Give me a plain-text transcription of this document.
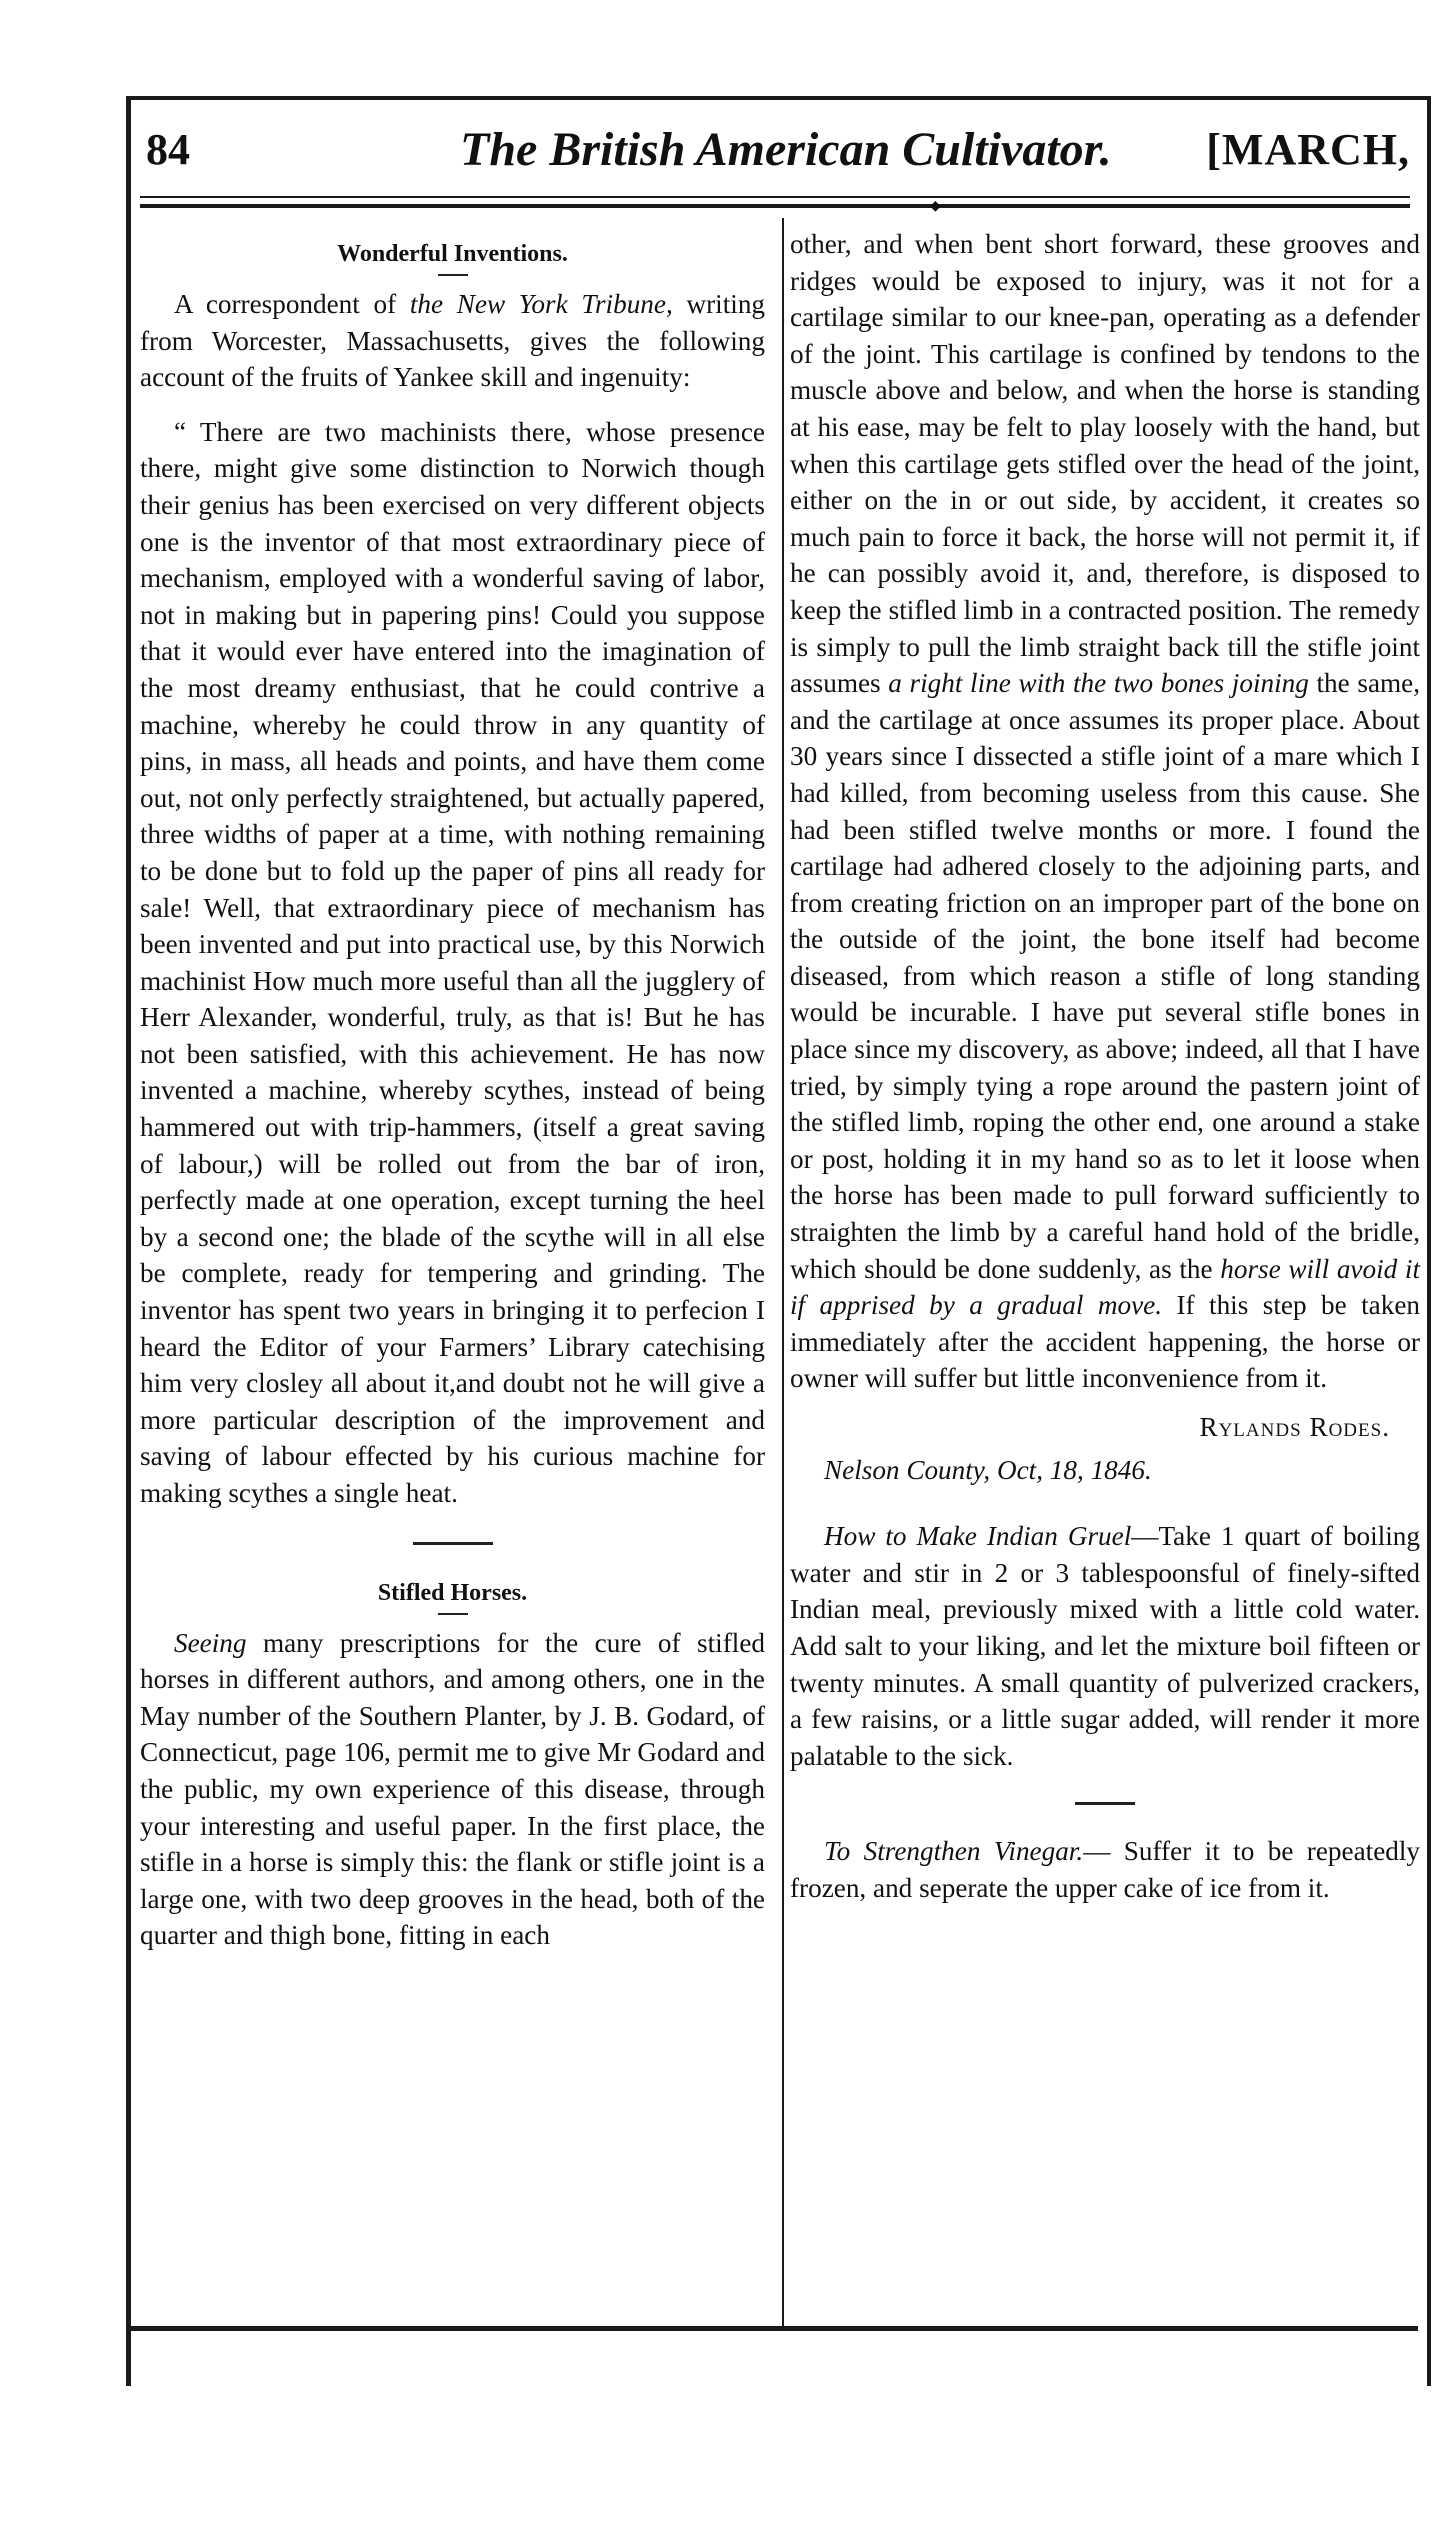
84	The British American Cultivator. [MARCH,
◆
Wonderful Inventions.

A correspondent of the New York Tribune, writing from Worcester, Massachusetts, gives the following account of the fruits of Yankee skill and ingenuity:

“ There are two machinists there, whose presence there, might give some distinction to Norwich though their genius has been exercised on very different objects one is the inventor of that most extraordinary piece of mechanism, employed with a wonderful saving of labor, not in making but in papering pins! Could you suppose that it would ever have entered into the imagination of the most dreamy enthusiast, that he could contrive a machine, whereby he could throw in any quantity of pins, in mass, all heads and points, and have them come out, not only perfectly straightened, but actually papered, three widths of paper at a time, with nothing remaining to be done but to fold up the paper of pins all ready for sale! Well, that extraordinary piece of mechanism has been invented and put into practical use, by this Norwich machinist How much more useful than all the jugglery of Herr Alexander, wonderful, truly, as that is! But he has not been satisfied, with this achievement. He has now invented a machine, whereby scythes, instead of being hammered out with trip-hammers, (itself a great saving of labour,) will be rolled out from the bar of iron, perfectly made at one operation, except turning the heel by a second one; the blade of the scythe will in all else be complete, ready for tempering and grinding. The inventor has spent two years in bringing it to perfecion I heard the Editor of your Farmers’ Library catechising him very closley all about it,and doubt not he will give a more particular description of the improvement and saving of labour effected by his curious machine for making scythes a single heat.

Stifled Horses.

Seeing many prescriptions for the cure of stifled horses in different authors, and among others, one in the May number of the Southern Planter, by J. B. Godard, of Connecticut, page 106, permit me to give Mr Godard and the public, my own experience of this disease, through your interesting and useful paper. In the first place, the stifle in a horse is simply this: the flank or stifle joint is a large one, with two deep grooves in the head, both of the quarter and thigh bone, fitting in each

other, and when bent short forward, these grooves and ridges would be exposed to injury, was it not for a cartilage similar to our knee-pan, operating as a defender of the joint. This cartilage is confined by tendons to the muscle above and below, and when the horse is standing at his ease, may be felt to play loosely with the hand, but when this cartilage gets stifled over the head of the joint, either on the in or out side, by accident, it creates so much pain to force it back, the horse will not permit it, if he can possibly avoid it, and, therefore, is disposed to keep the stifled limb in a contracted position. The remedy is simply to pull the limb straight back till the stifle joint assumes a right line with the two bones joining the same, and the cartilage at once assumes its proper place. About 30 years since I dissected a stifle joint of a mare which I had killed, from becoming useless from this cause. She had been stifled twelve months or more. I found the cartilage had adhered closely to the adjoining parts, and from creating friction on an improper part of the bone on the outside of the joint, the bone itself had become diseased, from which reason a stifle of long standing would be incurable. I have put several stifle bones in place since my discovery, as above; indeed, all that I have tried, by simply tying a rope around the pastern joint of the stifled limb, roping the other end, one around a stake or post, holding it in my hand so as to let it loose when the horse has been made to pull forward sufficiently to straighten the limb by a careful hand hold of the bridle, which should be done suddenly, as the horse will avoid it if apprised by a gradual move. If this step be taken immediately after the accident happening, the horse or owner will suffer but little inconvenience from it.

Rylands Rodes.
Nelson County, Oct, 18, 1846.

How to Make Indian Gruel—Take 1 quart of boiling water and stir in 2 or 3 tablespoonsful of finely-sifted Indian meal, previously mixed with a little cold water. Add salt to your liking, and let the mixture boil fifteen or twenty minutes. A small quantity of pulverized crackers, a few raisins, or a little sugar added, will render it more palatable to the sick.

To Strengthen Vinegar.— Suffer it to be repeatedly frozen, and seperate the upper cake of ice from it.
